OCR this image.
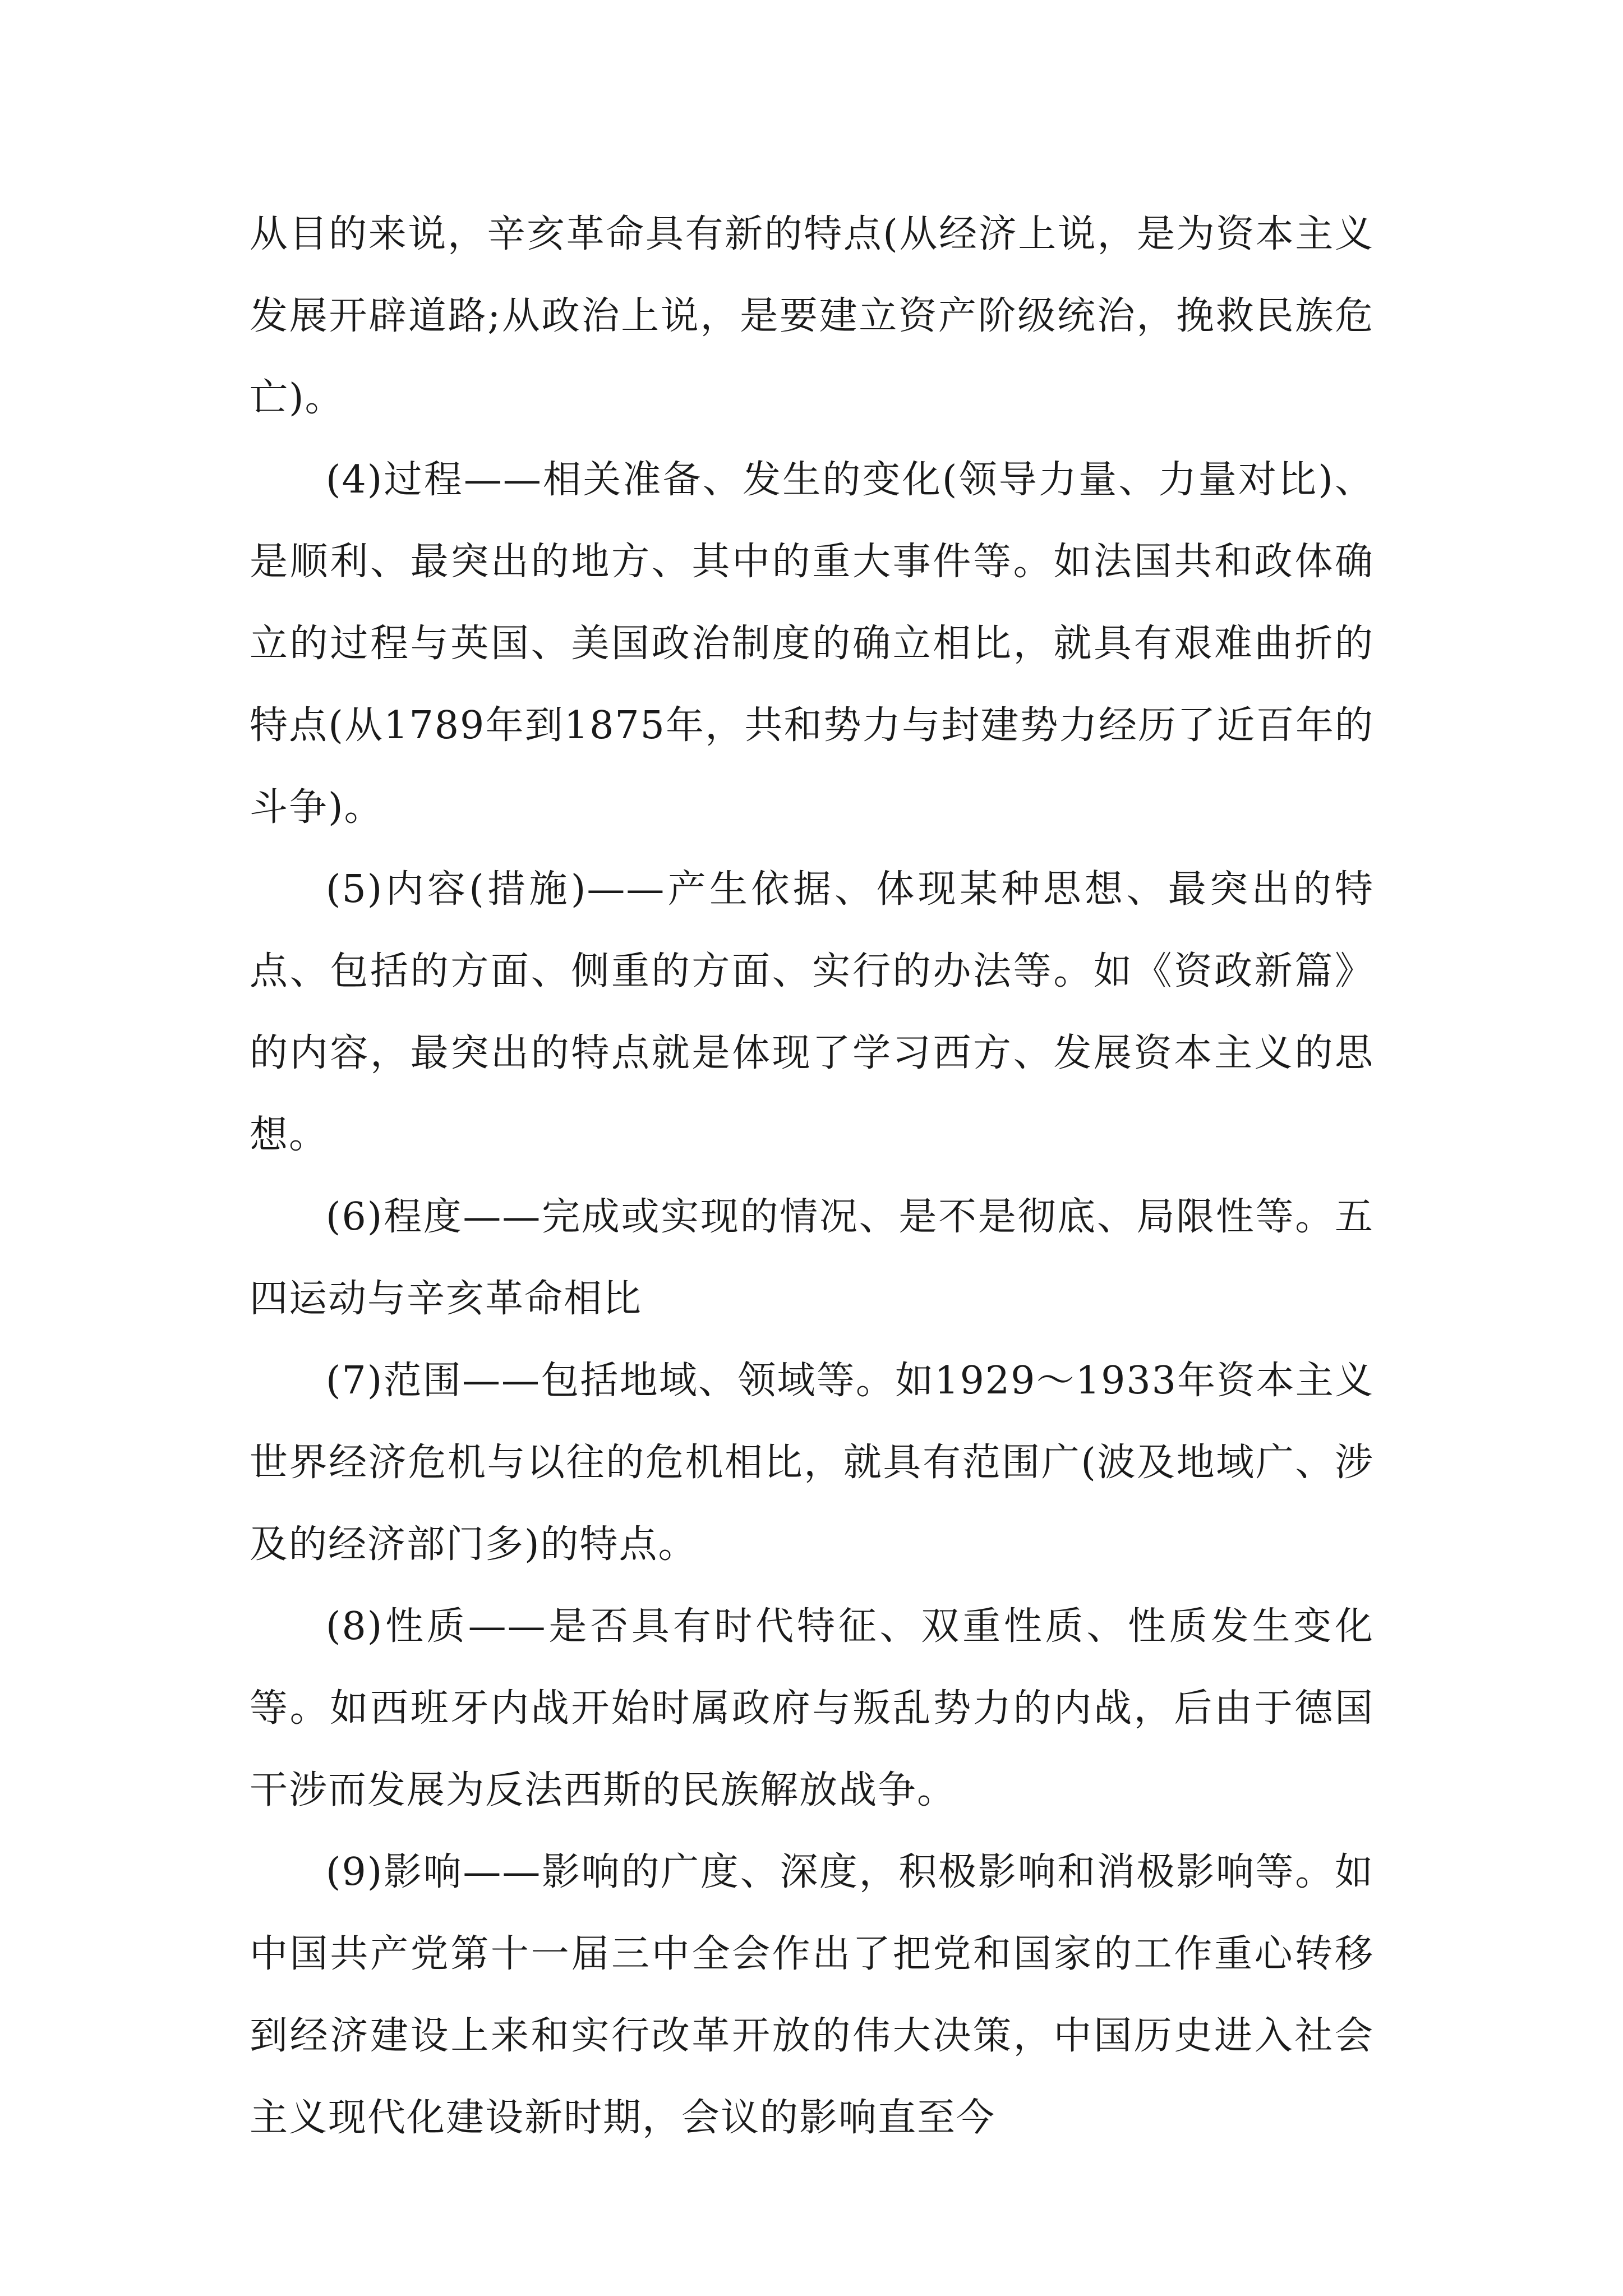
从目的来说，辛亥革命具有新的特点(从经济上说，是为资本主义发展开辟道路;从政治上说，是要建立资产阶级统治，挽救民族危亡)。

(4)过程——相关准备、发生的变化(领导力量、力量对比)、是顺利、最突出的地方、其中的重大事件等。如法国共和政体确立的过程与英国、美国政治制度的确立相比，就具有艰难曲折的特点(从1789年到1875年，共和势力与封建势力经历了近百年的斗争)。

(5)内容(措施)——产生依据、体现某种思想、最突出的特点、包括的方面、侧重的方面、实行的办法等。如《资政新篇》的内容，最突出的特点就是体现了学习西方、发展资本主义的思想。

(6)程度——完成或实现的情况、是不是彻底、局限性等。五四运动与辛亥革命相比

(7)范围——包括地域、领域等。如1929～1933年资本主义世界经济危机与以往的危机相比，就具有范围广(波及地域广、涉及的经济部门多)的特点。

(8)性质——是否具有时代特征、双重性质、性质发生变化等。如西班牙内战开始时属政府与叛乱势力的内战，后由于德国干涉而发展为反法西斯的民族解放战争。

(9)影响——影响的广度、深度，积极影响和消极影响等。如中国共产党第十一届三中全会作出了把党和国家的工作重心转移到经济建设上来和实行改革开放的伟大决策，中国历史进入社会主义现代化建设新时期，会议的影响直至今
